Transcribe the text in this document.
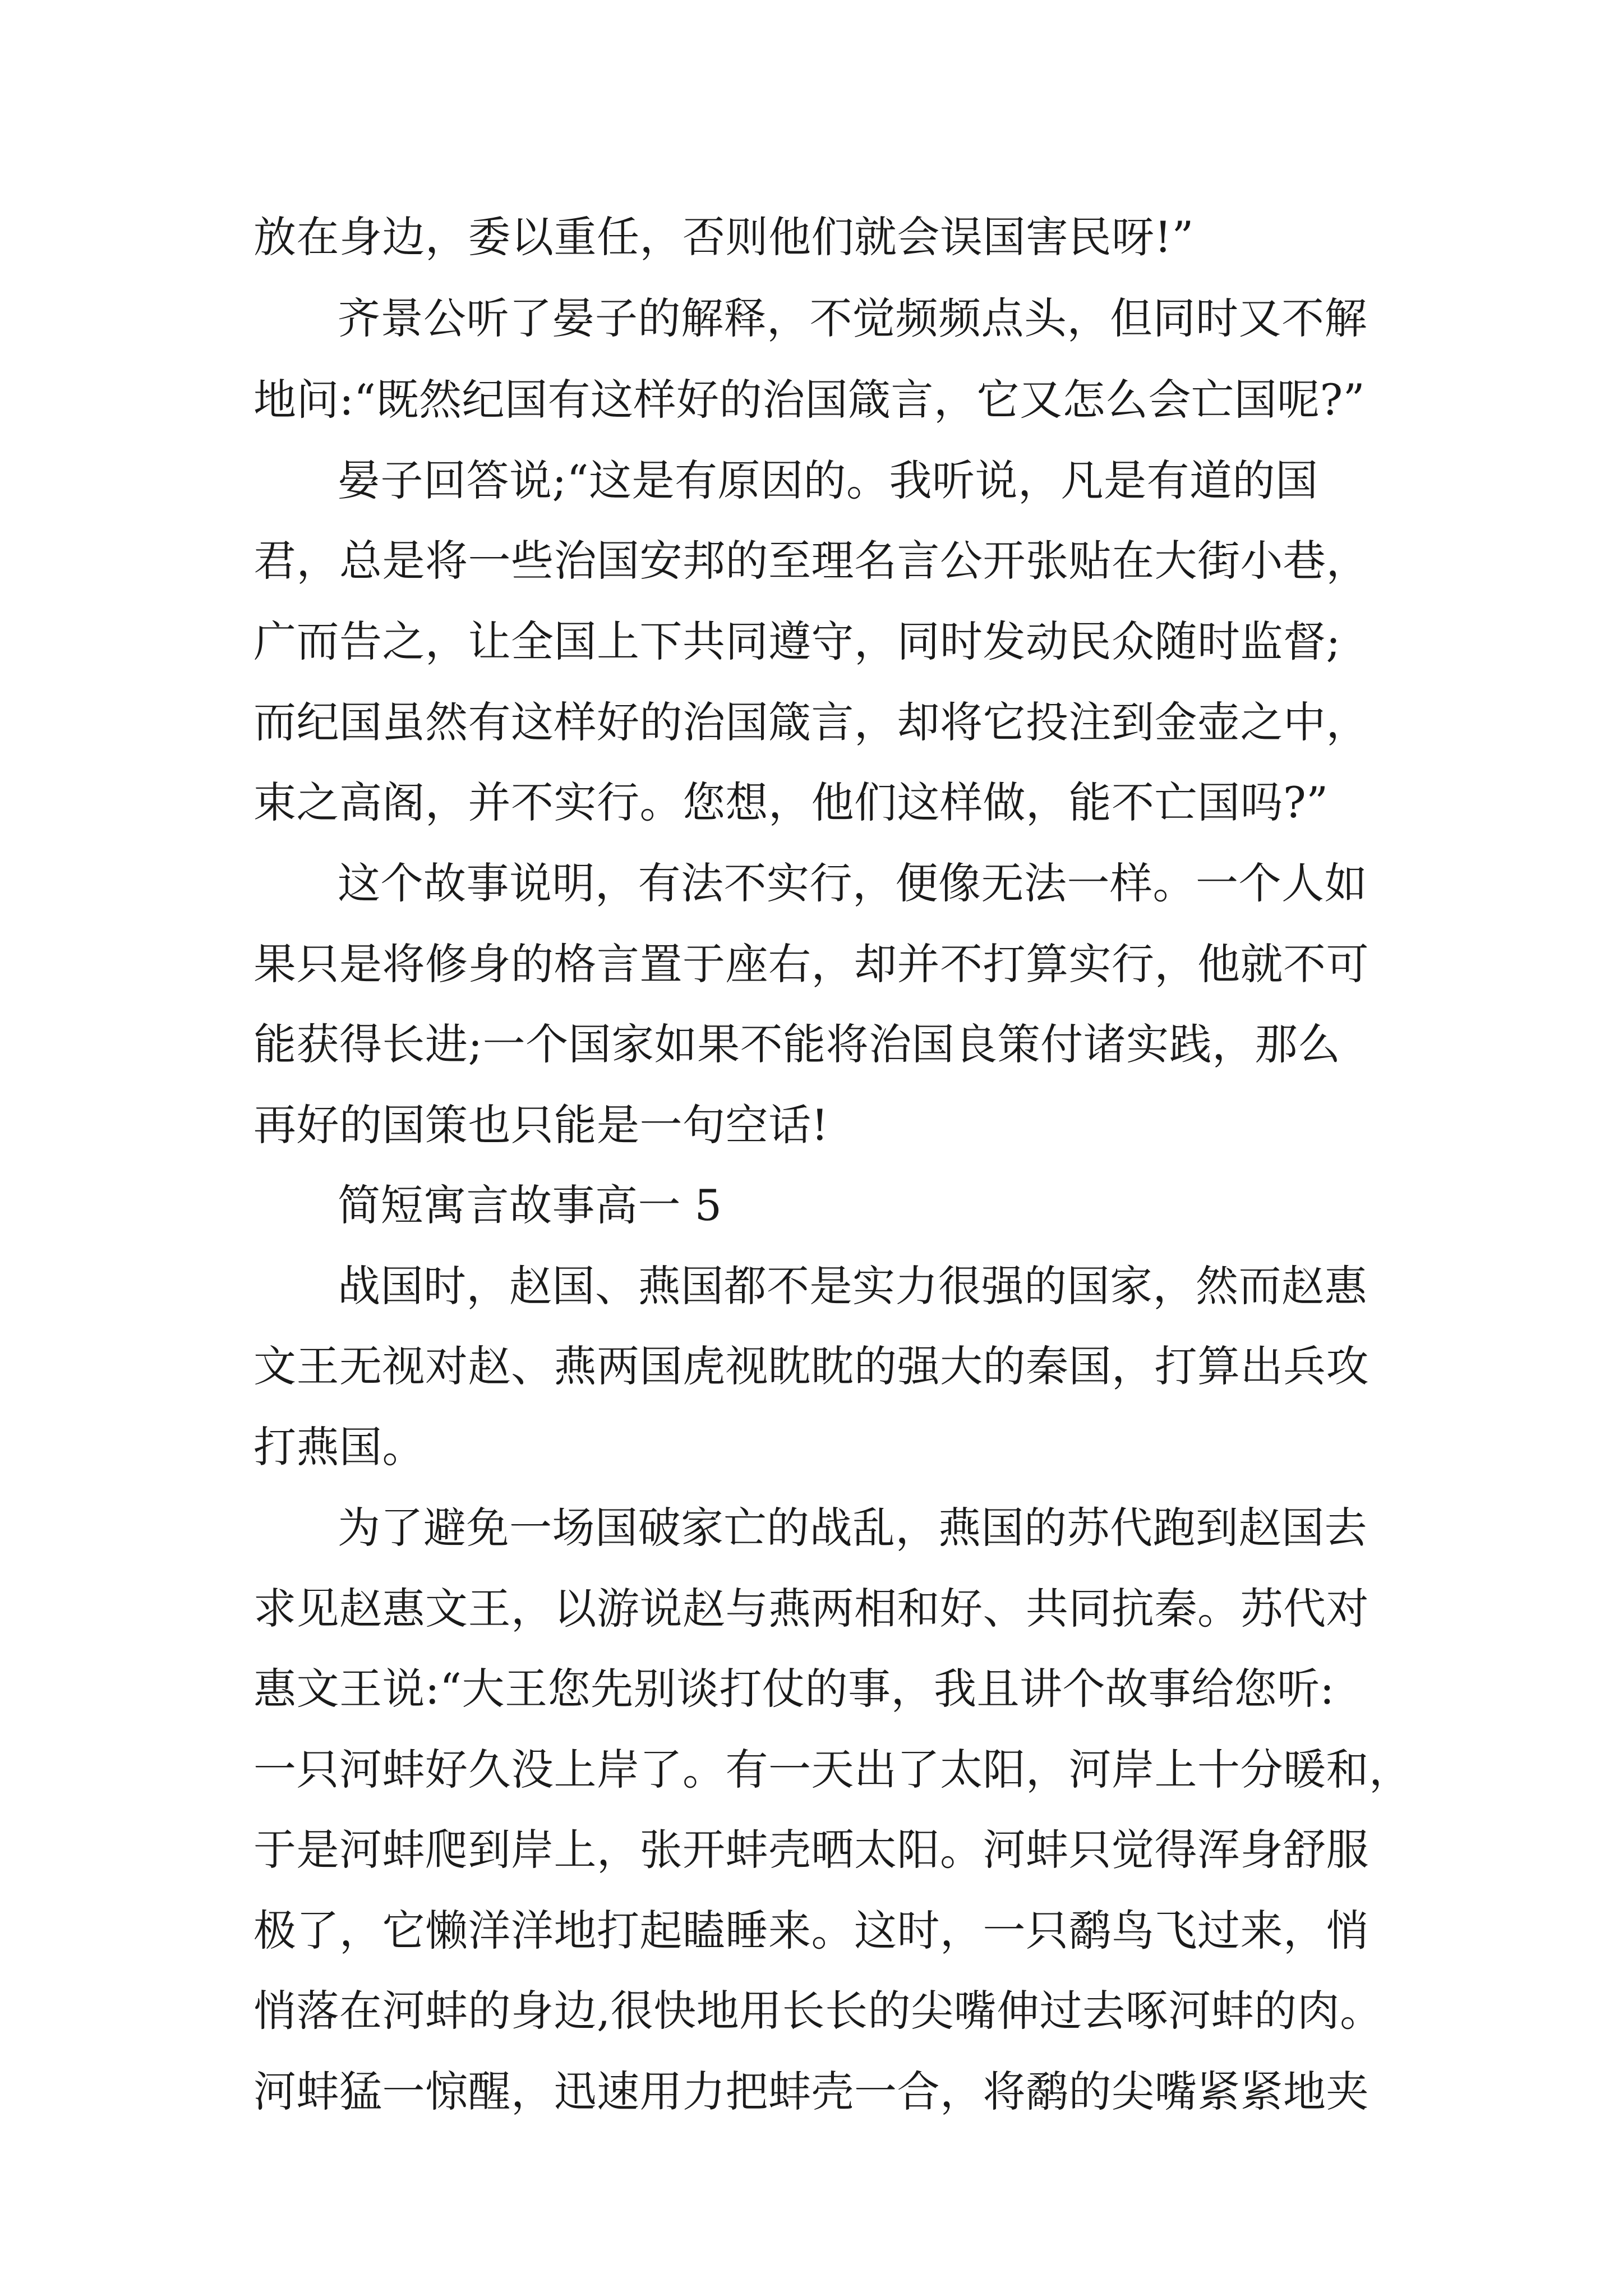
放在身边，委以重任，否则他们就会误国害民呀!”
齐景公听了晏子的解释，不觉频频点头，但同时又不解
地问:“既然纪国有这样好的治国箴言，它又怎么会亡国呢?”
晏子回答说;“这是有原因的。我听说，凡是有道的国
君，总是将一些治国安邦的至理名言公开张贴在大街小巷，
广而告之，让全国上下共同遵守，同时发动民众随时监督;
而纪国虽然有这样好的治国箴言，却将它投注到金壶之中，
束之高阁，并不实行。您想，他们这样做，能不亡国吗?”
这个故事说明，有法不实行，便像无法一样。一个人如
果只是将修身的格言置于座右，却并不打算实行，他就不可
能获得长进;一个国家如果不能将治国良策付诸实践，那么
再好的国策也只能是一句空话!
简短寓言故事高一 5
战国时，赵国、燕国都不是实力很强的国家，然而赵惠
文王无视对赵、燕两国虎视眈眈的强大的秦国，打算出兵攻
打燕国。
为了避免一场国破家亡的战乱，燕国的苏代跑到赵国去
求见赵惠文王，以游说赵与燕两相和好、共同抗秦。苏代对
惠文王说:“大王您先别谈打仗的事，我且讲个故事给您听:
一只河蚌好久没上岸了。有一天出了太阳，河岸上十分暖和，
于是河蚌爬到岸上，张开蚌壳晒太阳。河蚌只觉得浑身舒服
极了，它懒洋洋地打起瞌睡来。这时，一只鹬鸟飞过来，悄
悄落在河蚌的身边,很快地用长长的尖嘴伸过去啄河蚌的肉。
河蚌猛一惊醒，迅速用力把蚌壳一合，将鹬的尖嘴紧紧地夹
